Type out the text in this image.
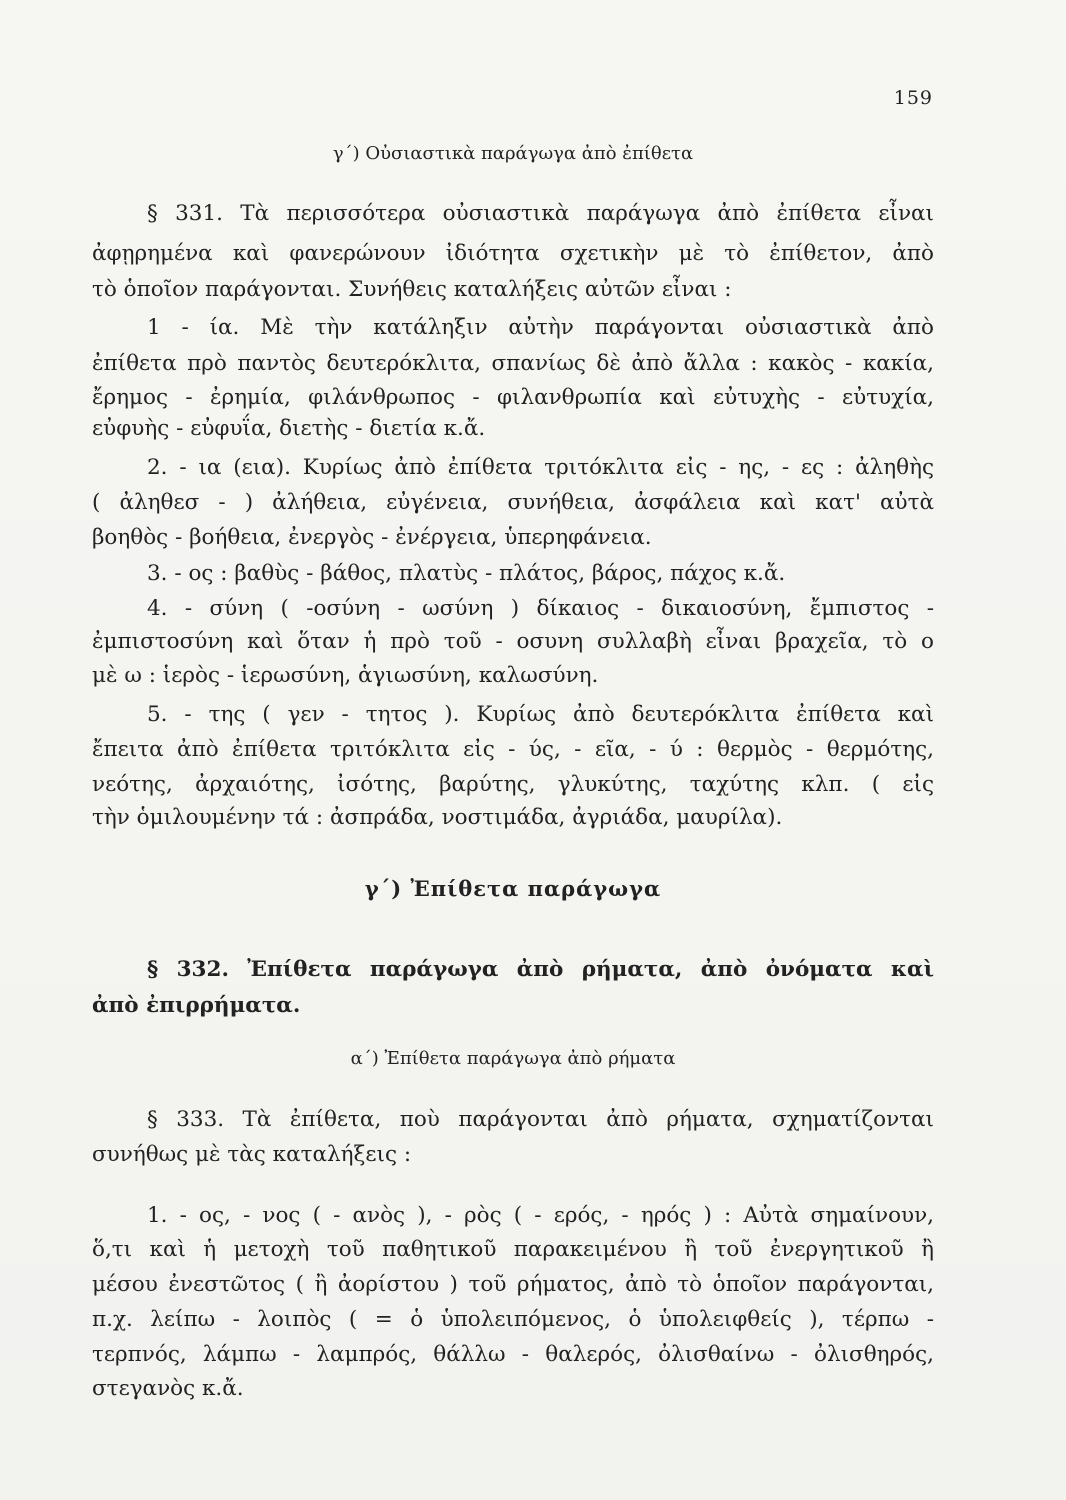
159
γ΄) Οὐσιαστικὰ παράγωγα ἀπὸ ἐπίθετα
§ 331. Τὰ περισσότερα οὐσιαστικὰ παράγωγα ἀπὸ ἐπίθετα εἶναι
ἀφῃρημένα καὶ φανερώνουν ἰδιότητα σχετικὴν μὲ τὸ ἐπίθετον, ἀπὸ
τὸ ὁποῖον παράγονται. Συνήθεις καταλήξεις αὐτῶν εἶναι :
1 - ία. Μὲ τὴν κατάληξιν αὐτὴν παράγονται οὐσιαστικὰ ἀπὸ
ἐπίθετα πρὸ παντὸς δευτερόκλιτα, σπανίως δὲ ἀπὸ ἄλλα : κακὸς - κακία,
ἔρημος - ἐρημία, φιλάνθρωπος - φιλανθρωπία καὶ εὐτυχὴς - εὐτυχία,
εὐφυὴς - εὐφυΐα, διετὴς - διετία κ.ἄ.
2. - ια (εια). Κυρίως ἀπὸ ἐπίθετα τριτόκλιτα εἰς - ης, - ες : ἀληθὴς
( ἀληθεσ - ) ἀλήθεια, εὐγένεια, συνήθεια, ἀσφάλεια καὶ κατ' αὐτὰ
βοηθὸς - βοήθεια, ἐνεργὸς - ἐνέργεια, ὑπερηφάνεια.
3. - ος : βαθὺς - βάθος, πλατὺς - πλάτος, βάρος, πάχος κ.ἄ.
4. - σύνη ( -οσύνη - ωσύνη ) δίκαιος - δικαιοσύνη, ἔμπιστος -
ἐμπιστοσύνη καὶ ὅταν ἡ πρὸ τοῦ - οσυνη συλλαβὴ εἶναι βραχεῖα, τὸ ο
μὲ ω : ἱερὸς - ἱερωσύνη, ἁγιωσύνη, καλωσύνη.
5. - της ( γεν - τητος ). Κυρίως ἀπὸ δευτερόκλιτα ἐπίθετα καὶ
ἔπειτα ἀπὸ ἐπίθετα τριτόκλιτα εἰς - ύς, - εῖα, - ύ : θερμὸς - θερμότης,
νεότης, ἀρχαιότης, ἰσότης, βαρύτης, γλυκύτης, ταχύτης κλπ. ( εἰς
τὴν ὁμιλουμένην τά : ἀσπράδα, νοστιμάδα, ἀγριάδα, μαυρίλα).
γ΄) Ἐπίθετα παράγωγα
§ 332. Ἐπίθετα παράγωγα ἀπὸ ρήματα, ἀπὸ ὀνόματα καὶ
ἀπὸ ἐπιρρήματα.
α΄) Ἐπίθετα παράγωγα ἀπὸ ρήματα
§ 333. Τὰ ἐπίθετα, ποὺ παράγονται ἀπὸ ρήματα, σχηματίζονται
συνήθως μὲ τὰς καταλήξεις :
1. - ος, - νος ( - ανὸς ), - ρὸς ( - ερός, - ηρός ) : Αὐτὰ σημαίνουν,
ὅ,τι καὶ ἡ μετοχὴ τοῦ παθητικοῦ παρακειμένου ἢ τοῦ ἐνεργητικοῦ ἢ
μέσου ἐνεστῶτος ( ἢ ἀορίστου ) τοῦ ρήματος, ἀπὸ τὸ ὁποῖον παράγονται,
π.χ. λείπω - λοιπὸς ( = ὁ ὑπολειπόμενος, ὁ ὑπολειφθείς ), τέρπω -
τερπνός, λάμπω - λαμπρός, θάλλω - θαλερός, ὀλισθαίνω - ὀλισθηρός,
στεγανὸς κ.ἄ.
